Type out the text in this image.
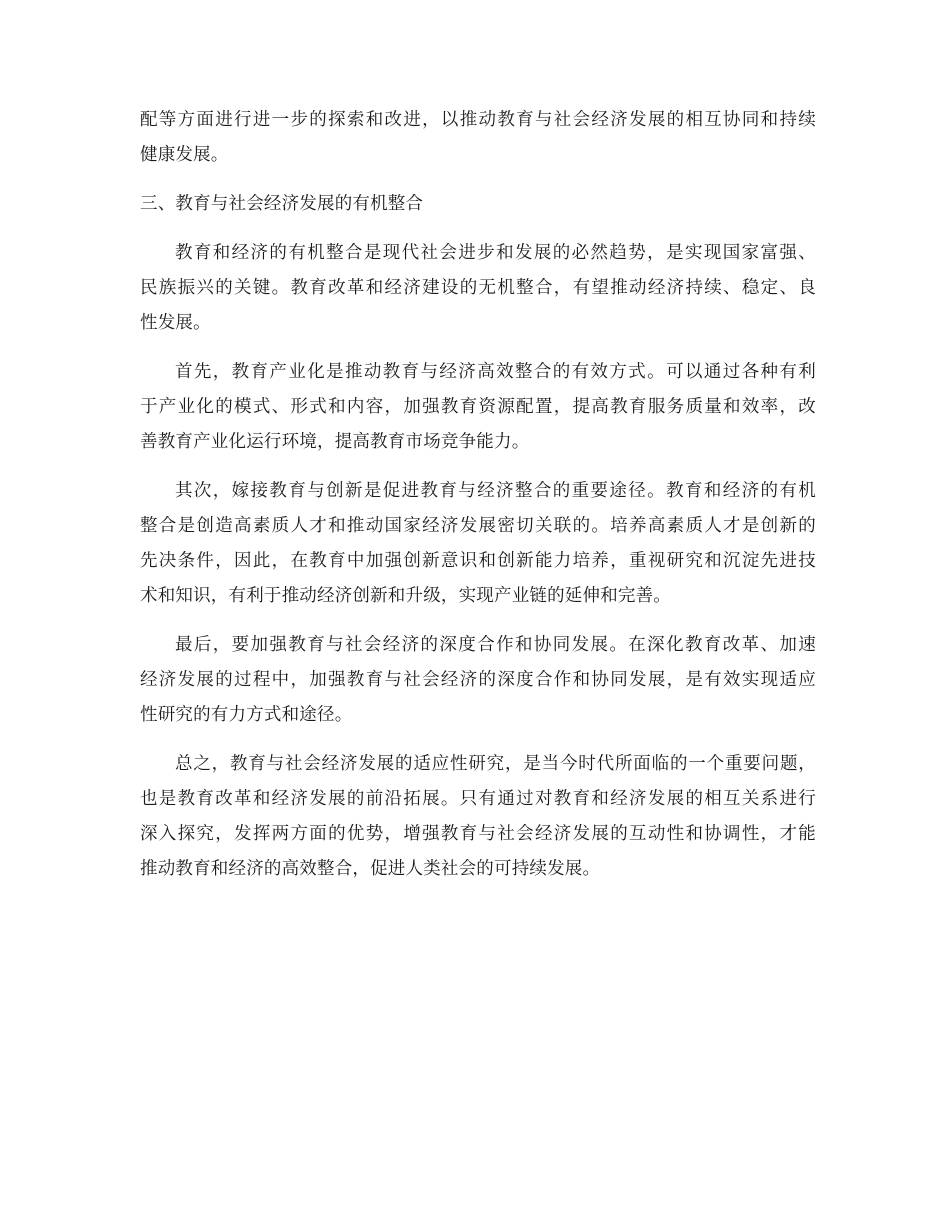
配等方面进行进一步的探索和改进，以推动教育与社会经济发展的相互协同和持续
健康发展。
三、教育与社会经济发展的有机整合
教育和经济的有机整合是现代社会进步和发展的必然趋势，是实现国家富强、
民族振兴的关键。教育改革和经济建设的无机整合，有望推动经济持续、稳定、良
性发展。
首先，教育产业化是推动教育与经济高效整合的有效方式。可以通过各种有利
于产业化的模式、形式和内容，加强教育资源配置，提高教育服务质量和效率，改
善教育产业化运行环境，提高教育市场竞争能力。
其次，嫁接教育与创新是促进教育与经济整合的重要途径。教育和经济的有机
整合是创造高素质人才和推动国家经济发展密切关联的。培养高素质人才是创新的
先决条件，因此，在教育中加强创新意识和创新能力培养，重视研究和沉淀先进技
术和知识，有利于推动经济创新和升级，实现产业链的延伸和完善。
最后，要加强教育与社会经济的深度合作和协同发展。在深化教育改革、加速
经济发展的过程中，加强教育与社会经济的深度合作和协同发展，是有效实现适应
性研究的有力方式和途径。
总之，教育与社会经济发展的适应性研究，是当今时代所面临的一个重要问题，
也是教育改革和经济发展的前沿拓展。只有通过对教育和经济发展的相互关系进行
深入探究，发挥两方面的优势，增强教育与社会经济发展的互动性和协调性，才能
推动教育和经济的高效整合，促进人类社会的可持续发展。
